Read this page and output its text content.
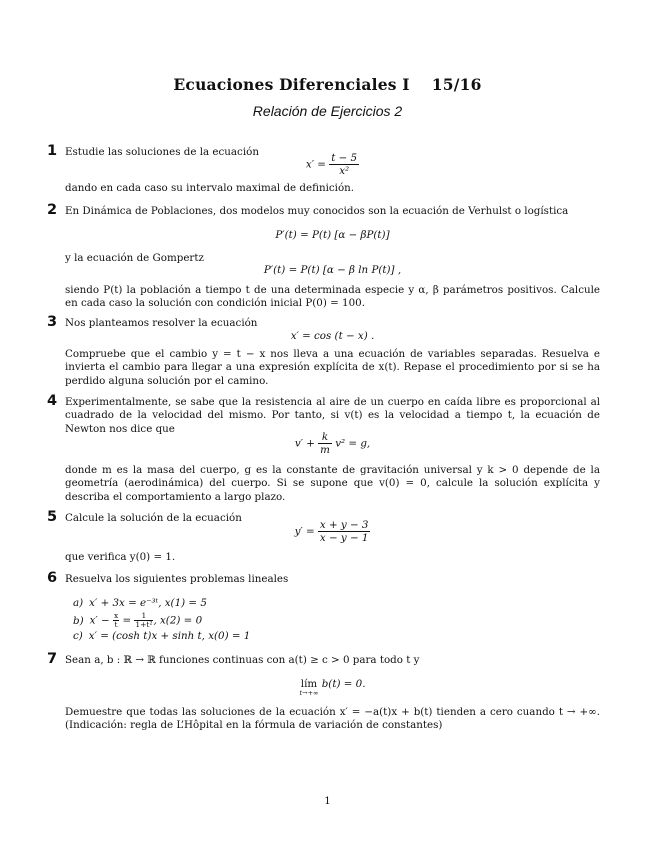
Ecuaciones Diferenciales I 15/16
Relación de Ejercicios 2
1 Estudie las soluciones de la ecuación
$x' = \frac{t - 5}{\text{x²}}$
dando en cada caso su intervalo maximal de definición.
2 En Dinámica de Poblaciones, dos modelos muy conocidos son la ecuación de Verhulst o logística
P′(t) = P(t) [α − βP(t)]
y la ecuación de Gompertz
P′(t) = P(t) [α − β ln P(t)] ,
siendo P(t) la población a tiempo t de una determinada especie y α, β parámetros positivos. Calcule en cada caso la solución con condición inicial P(0) = 100.
3 Nos planteamos resolver la ecuación
x′ = cos (t − x) .
Compruebe que el cambio y = t − x nos lleva a una ecuación de variables separadas. Resuelva e invierta el cambio para llegar a una expresión explícita de x(t). Repase el procedimiento por si se ha perdido alguna solución por el camino.
4 Experimentalmente, se sabe que la resistencia al aire de un cuerpo en caída libre es proporcional al cuadrado de la velocidad del mismo. Por tanto, si v(t) es la velocidad a tiempo t, la ecuación de Newton nos dice que
$v' + \frac{k}{m} v^2 = g$,
donde m es la masa del cuerpo, g es la constante de gravitación universal y k > 0 depende de la geometría (aerodinámica) del cuerpo. Si se supone que v(0) = 0, calcule la solución explícita y describa el comportamiento a largo plazo.
5 Calcule la solución de la ecuación
$y' = \frac{x + y - 3}{x - y - 1}$
que verifica y(0) = 1.
6 Resuelva los siguientes problemas lineales
a) x′ + 3x = e⁻³ᵗ, x(1) = 5
b) $x' - \frac{x}{t} = \frac{1}{\text{1+t²}}$ , x(2) = 0
c) x′ = (cosh t)x + sinh t, x(0) = 1
7 Sean a, b : ℝ → ℝ funciones continuas con a(t) ≥ c > 0 para todo t y
lím
t→+∞
b(t) = 0.
Demuestre que todas las soluciones de la ecuación x′ = −a(t)x + b(t) tienden a cero cuando t → +∞. (Indicación: regla de L’Hôpital en la fórmula de variación de constantes)
1
